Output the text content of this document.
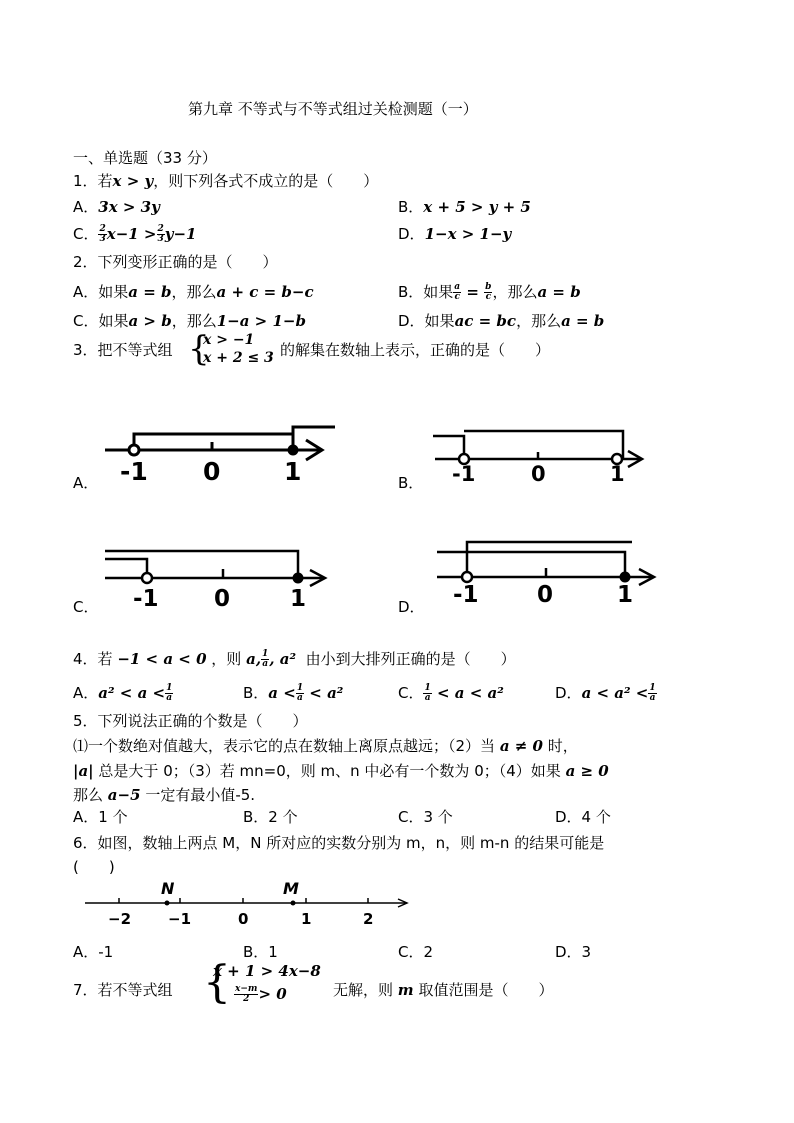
第九章 不等式与不等式组过关检测题（一）
一、单选题（33 分）
1．若x > y，则下列各式不成立的是（　　）
A．3x > 3y	B．x + 5 > y + 5
C． $\frac{2}{3} x-1 > \frac{2}{3} y-1$	D．1−x > 1−y
2．下列变形正确的是（　　）
A．如果a = b，那么a + c = b−c	B．如果 $\frac{a}{c} = \frac{b}{c}$ ，那么a = b
C．如果a > b，那么1−a > 1−b	D．如果ac = bc，那么a = b
3．把不等式组 {
x > −1
x + 2 ≤ 3 的解集在数轴上表示，正确的是（　　）
A． -1 0	1	B． -1	0	1
C． -1 0	1	D． -1	0	1
4．若 −1 < a < 0 ，则 a, $\frac{1}{a}$ , a² 由小到大排列正确的是（　　）
A．$a^2 < a < \frac{1}{a}$	B．$a < \frac{1}{a} < a^2$	C． $\frac{1}{a} < a < a^2$	D．$a < a^2 < \frac{1}{a}$
5．下列说法正确的个数是（　　）
⑴一个数绝对值越大，表示它的点在数轴上离原点越远；（2）当 a ≠ 0 时，
|a| 总是大于 0；（3）若 mn=0，则 m、n 中必有一个数为 0；（4）如果 a ≥ 0
那么 a−5 一定有最小值-5.
A．1 个	B．2 个	C．3 个	D．4 个
6．如图，数轴上两点 M，N 所对应的实数分别为 m，n，则 m-n 的结果可能是
(　　)
N	M
−2 −1	0	1	2
A．-1	B．1	C．2	D．3
7．若不等式组 {
x + 1 > 4x−8
$\frac{x-m}{2} > 0$	无解，则 m 取值范围是（　　）
